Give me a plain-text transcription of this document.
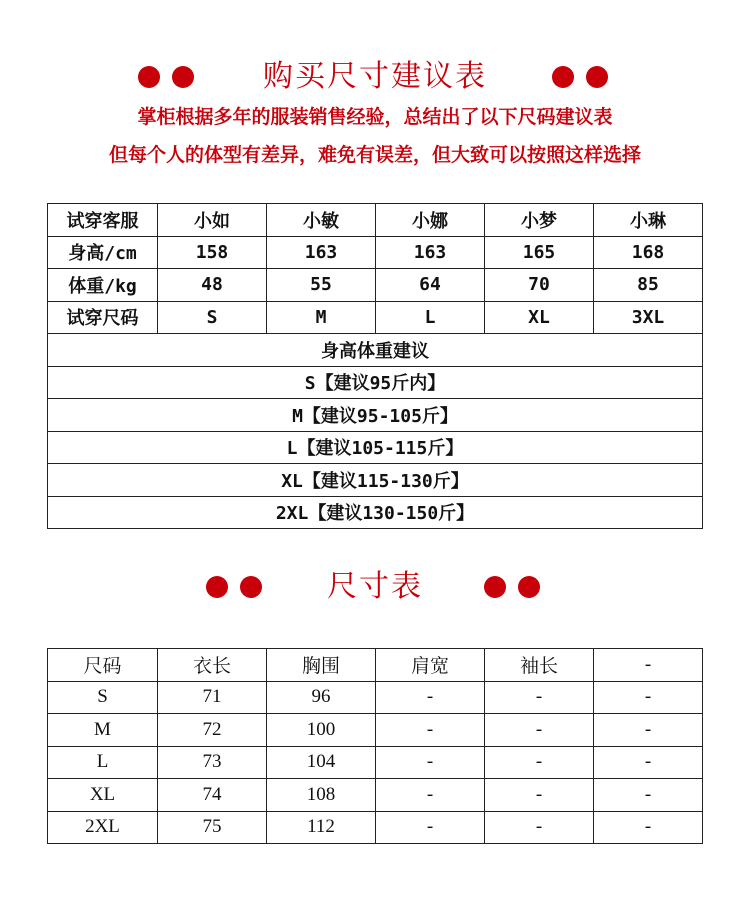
购买尺寸建议表
掌柜根据多年的服装销售经验，总结出了以下尺码建议表
但每个人的体型有差异，难免有误差，但大致可以按照这样选择
试穿客服	小如	小敏	小娜	小梦	小琳
身高/cm	158	163	163	165	168
体重/kg	48	55	64	70	85
试穿尺码	S	M	L	XL	3XL
身高体重建议					
S【建议95斤内】					
M【建议95-105斤】					
L【建议105-115斤】					
XL【建议115-130斤】					
2XL【建议130-150斤】					
尺寸表
尺码	衣长	胸围	肩宽	袖长	-
S	71	96	-	-	-
M	72	100	-	-	-
L	73	104	-	-	-
XL	74	108	-	-	-
2XL	75	112	-	-	-
